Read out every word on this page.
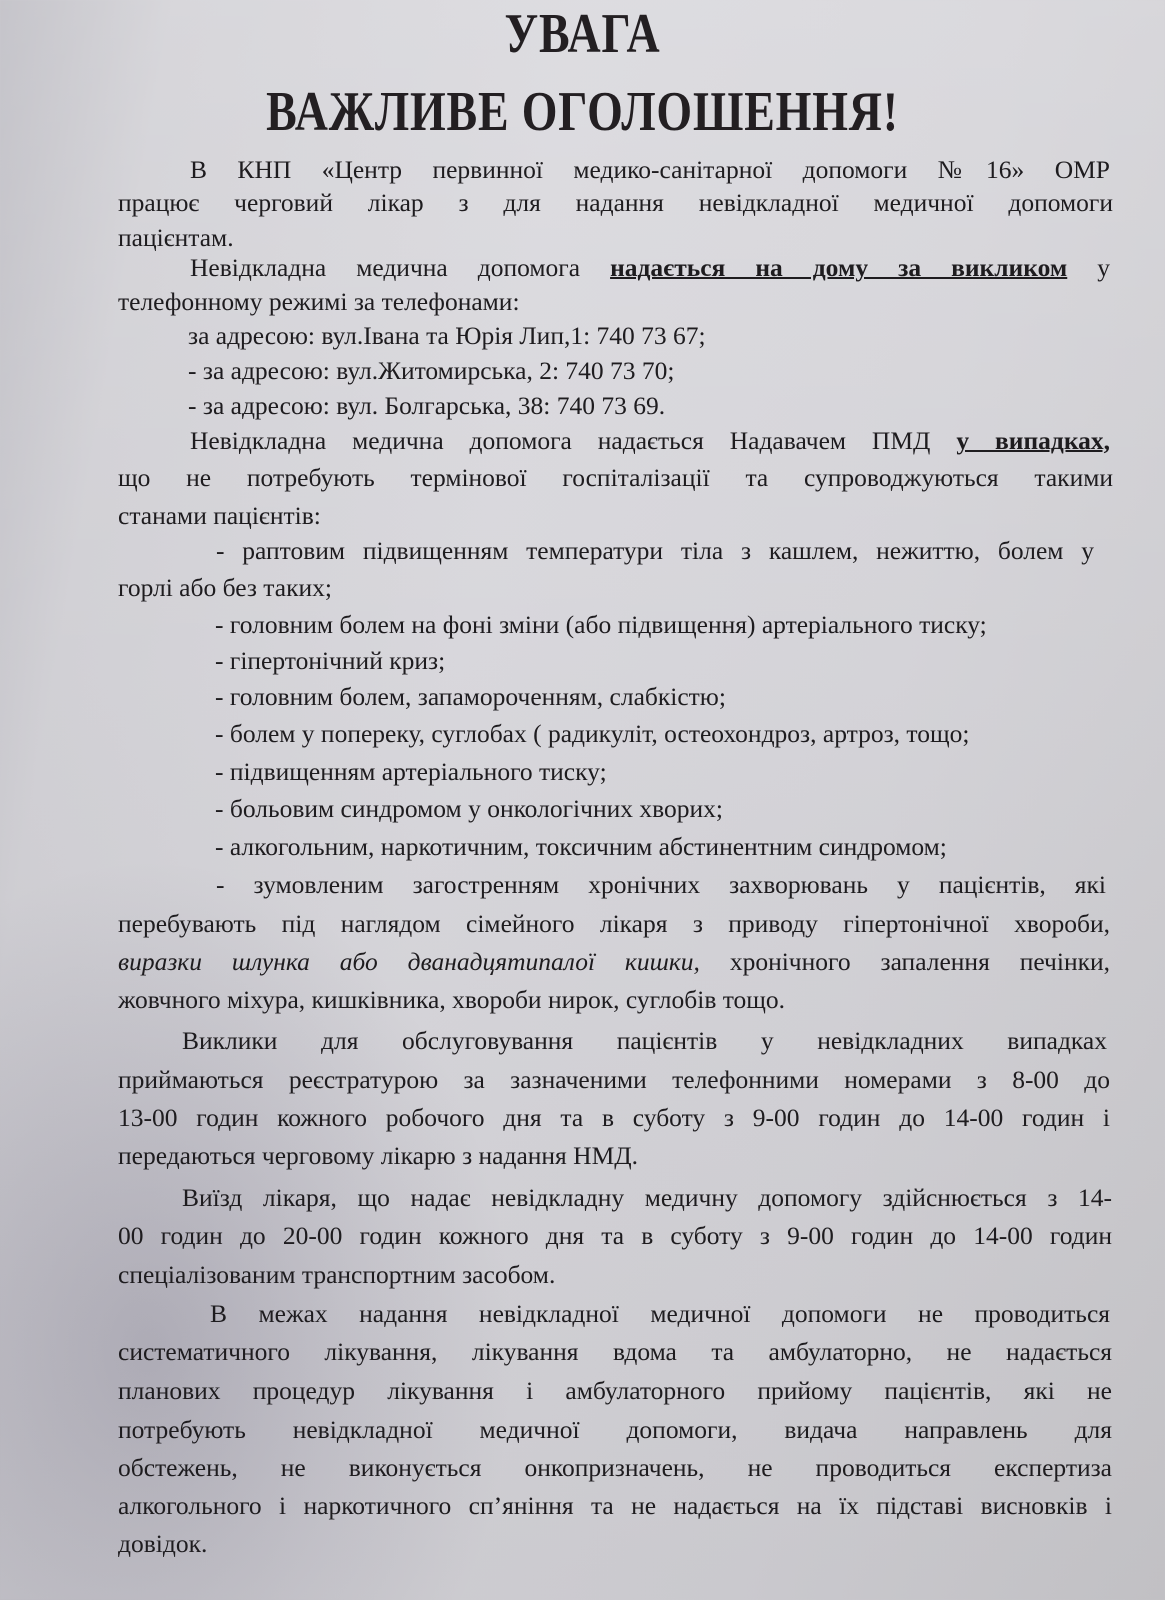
УВАГА
ВАЖЛИВЕ ОГОЛОШЕННЯ!
В КНП «Центр первинної медико-санітарної допомоги №16» ОМР
працює черговий лікар з для надання невідкладної медичної допомоги
пацієнтам.
Невідкладна медична допомога надається на дому за викликом у
телефонному режимі за телефонами:
за адресою: вул.Івана та Юрія Лип,1: 740 73 67;
- за адресою: вул.Житомирська, 2: 740 73 70;
- за адресою: вул. Болгарська, 38: 740 73 69.
Невідкладна медична допомога надається Надавачем ПМД у випадках,
що не потребують термінової госпіталізації та супроводжуються такими
станами пацієнтів:
- раптовим підвищенням температури тіла з кашлем, нежиттю, болем у
горлі або без таких;
- головним болем на фоні зміни (або підвищення) артеріального тиску;
- гіпертонічний криз;
- головним болем, запамороченням, слабкістю;
- болем у попереку, суглобах ( радикуліт, остеохондроз, артроз, тощо;
- підвищенням артеріального тиску;
- больовим синдромом у онкологічних хворих;
- алкогольним, наркотичним, токсичним абстинентним синдромом;
- зумовленим загостренням хронічних захворювань у пацієнтів, які
перебувають під наглядом сімейного лікаря з приводу гіпертонічної хвороби,
виразки шлунка або дванадцятипалої кишки, хронічного запалення печінки,
жовчного міхура, кишківника, хвороби нирок, суглобів тощо.
Виклики для обслуговування пацієнтів у невідкладних випадках
приймаються реєстратурою за зазначеними телефонними номерами з 8-00 до
13-00 годин кожного робочого дня та в суботу з 9-00 годин до 14-00 годин і
передаються черговому лікарю з надання НМД.
Виїзд лікаря, що надає невідкладну медичну допомогу здійснюється з 14-
00 годин до 20-00 годин кожного дня та в суботу з 9-00 годин до 14-00 годин
спеціалізованим транспортним засобом.
В межах надання невідкладної медичної допомоги не проводиться
систематичного лікування, лікування вдома та амбулаторно, не надається
планових процедур лікування і амбулаторного прийому пацієнтів, які не
потребують невідкладної медичної допомоги, видача направлень для
обстежень, не виконується онкопризначень, не проводиться експертиза
алкогольного і наркотичного сп’яніння та не надається на їх підставі висновків і
довідок.
